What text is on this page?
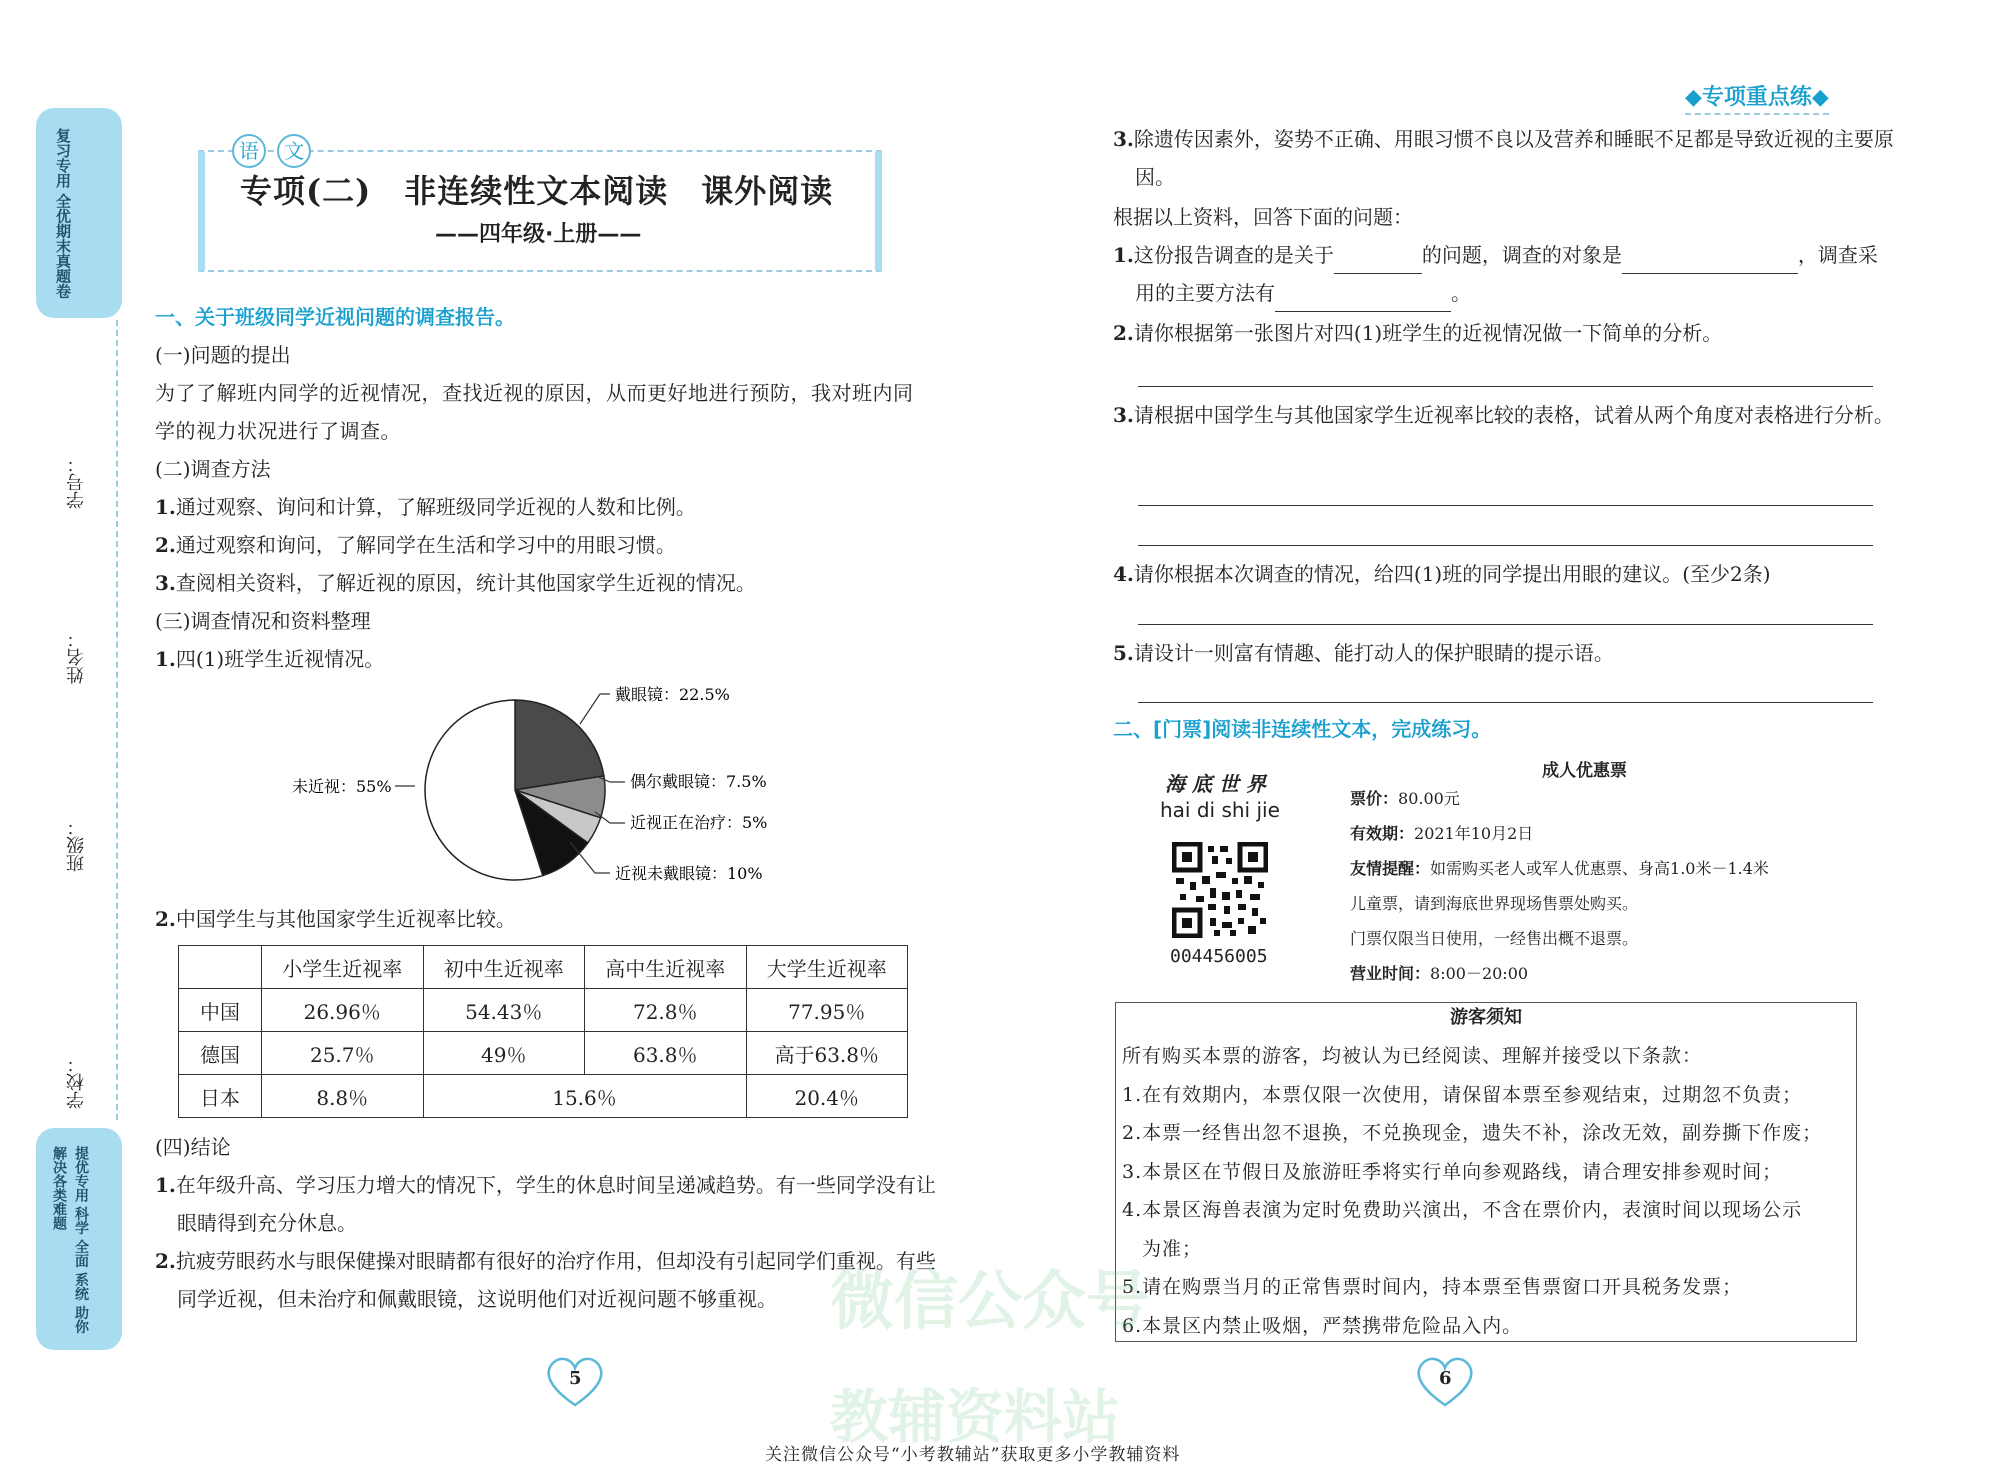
复习专用 全优期末真题卷
学号：
姓名：
班级：
学校：
提优专用 科学 全面 系统 助你解决各类难题
语 文
专项(二)　非连续性文本阅读　课外阅读
——四年级·上册——
◆专项重点练◆
一、关于班级同学近视问题的调查报告。
(一)问题的提出
为了了解班内同学的近视情况，查找近视的原因，从而更好地进行预防，我对班内同学的视力状况进行了调查。
(二)调查方法
1.通过观察、询问和计算，了解班级同学近视的人数和比例。
2.通过观察和询问，了解同学在生活和学习中的用眼习惯。
3.查阅相关资料，了解近视的原因，统计其他国家学生近视的情况。
(三)调查情况和资料整理
1.四(1)班学生近视情况。
戴眼镜：22.5%
偶尔戴眼镜：7.5%
近视正在治疗：5%
近视未戴眼镜：10%
未近视：55%
2.中国学生与其他国家学生近视率比较。
	小学生近视率	初中生近视率	高中生近视率	大学生近视率
中国	26.96％	54.43％	72.8％	77.95％
德国	25.7％	49％	63.8％	高于63.8％
日本	8.8％	15.6％		20.4％
(四)结论
1.在年级升高、学习压力增大的情况下，学生的休息时间呈递减趋势。有一些同学没有让眼睛得到充分休息。
2.抗疲劳眼药水与眼保健操对眼睛都有很好的治疗作用，但却没有引起同学们重视。有些同学近视，但未治疗和佩戴眼镜，这说明他们对近视问题不够重视。
3.除遗传因素外，姿势不正确、用眼习惯不良以及营养和睡眠不足都是导致近视的主要原因。
根据以上资料，回答下面的问题：
1.这份报告调查的是关于	的问题，调查的对象是	，调查采用的主要方法有	。
2.请你根据第一张图片对四(1)班学生的近视情况做一下简单的分析。
3.请根据中国学生与其他国家学生近视率比较的表格，试着从两个角度对表格进行分析。
4.请你根据本次调查的情况，给四(1)班的同学提出用眼的建议。(至少2条)
5.请设计一则富有情趣、能打动人的保护眼睛的提示语。
二、[门票]阅读非连续性文本，完成练习。
海 底 世 界
hai di shi jie
004456005
成人优惠票
票价：80.00元
有效期：2021年10月2日
友情提醒：如需购买老人或军人优惠票、身高1.0米－1.4米
儿童票，请到海底世界现场售票处购买。
门票仅限当日使用，一经售出概不退票。
营业时间：8:00－20:00
游客须知
所有购买本票的游客，均被认为已经阅读、理解并接受以下条款：
1.在有效期内，本票仅限一次使用，请保留本票至参观结束，过期忽不负责；
2.本票一经售出忽不退换，不兑换现金，遗失不补，涂改无效，副券撕下作废；
3.本景区在节假日及旅游旺季将实行单向参观路线，请合理安排参观时间；
4.本景区海兽表演为定时免费助兴演出，不含在票价内，表演时间以现场公示
为准；
5.请在购票当月的正常售票时间内，持本票至售票窗口开具税务发票；
6.本景区内禁止吸烟，严禁携带危险品入内。
微信公众号
教辅资料站
5	6
关注微信公众号“小考教辅站”获取更多小学教辅资料
